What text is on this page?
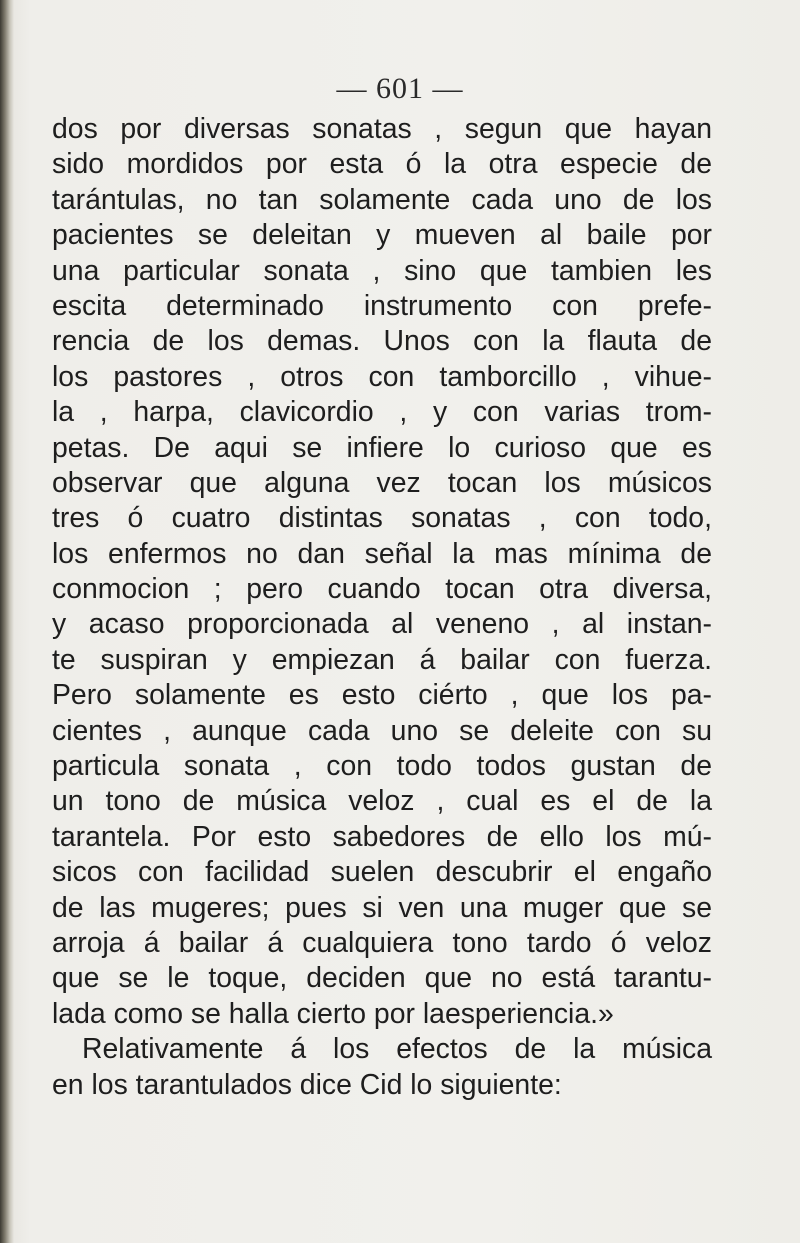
— 601 —
dos por diversas sonatas , segun que hayan
sido mordidos por esta ó la otra especie de
tarántulas, no tan solamente cada uno de los
pacientes se deleitan y mueven al baile por
una particular sonata , sino que tambien les
escita determinado instrumento con prefe-
rencia de los demas. Unos con la flauta de
los pastores , otros con tamborcillo , vihue-
la , harpa, clavicordio , y con varias trom-
petas. De aqui se infiere lo curioso que es
observar que alguna vez tocan los músicos
tres ó cuatro distintas sonatas , con todo,
los enfermos no dan señal la mas mínima de
conmocion ; pero cuando tocan otra diversa,
y acaso proporcionada al veneno , al instan-
te suspiran y empiezan á bailar con fuerza.
Pero solamente es esto ciérto , que los pa-
cientes , aunque cada uno se deleite con su
particula sonata , con todo todos gustan de
un tono de música veloz , cual es el de la
tarantela. Por esto sabedores de ello los mú-
sicos con facilidad suelen descubrir el engaño
de las mugeres; pues si ven una muger que se
arroja á bailar á cualquiera tono tardo ó veloz
que se le toque, deciden que no está tarantu-
lada como se halla cierto por laesperiencia.»
Relativamente á los efectos de la música
en los tarantulados dice Cid lo siguiente:
